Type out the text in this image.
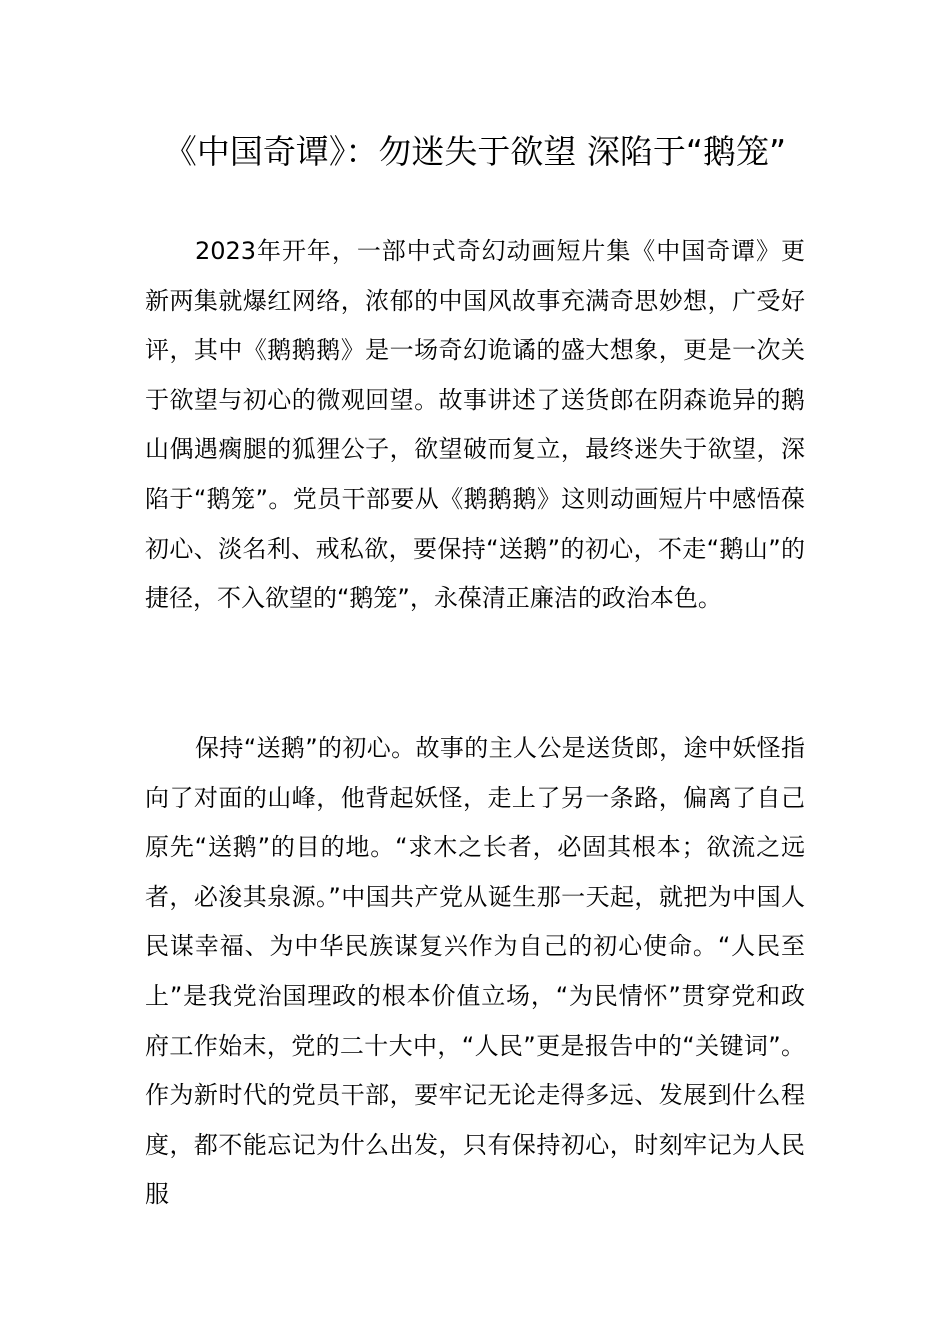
《中国奇谭》：勿迷失于欲望 深陷于“鹅笼”

2023年开年，一部中式奇幻动画短片集《中国奇谭》更新两集就爆红网络，浓郁的中国风故事充满奇思妙想，广受好评，其中《鹅鹅鹅》是一场奇幻诡谲的盛大想象，更是一次关于欲望与初心的微观回望。故事讲述了送货郎在阴森诡异的鹅山偶遇瘸腿的狐狸公子，欲望破而复立，最终迷失于欲望，深陷于“鹅笼”。党员干部要从《鹅鹅鹅》这则动画短片中感悟葆初心、淡名利、戒私欲，要保持“送鹅”的初心，不走“鹅山”的捷径，不入欲望的“鹅笼”，永葆清正廉洁的政治本色。

保持“送鹅”的初心。故事的主人公是送货郎，途中妖怪指向了对面的山峰，他背起妖怪，走上了另一条路，偏离了自己原先“送鹅”的目的地。“求木之长者，必固其根本；欲流之远者，必浚其泉源。”中国共产党从诞生那一天起，就把为中国人民谋幸福、为中华民族谋复兴作为自己的初心使命。“人民至上”是我党治国理政的根本价值立场，“为民情怀”贯穿党和政府工作始末，党的二十大中，“人民”更是报告中的“关键词”。作为新时代的党员干部，要牢记无论走得多远、发展到什么程度，都不能忘记为什么出发，只有保持初心，时刻牢记为人民服
